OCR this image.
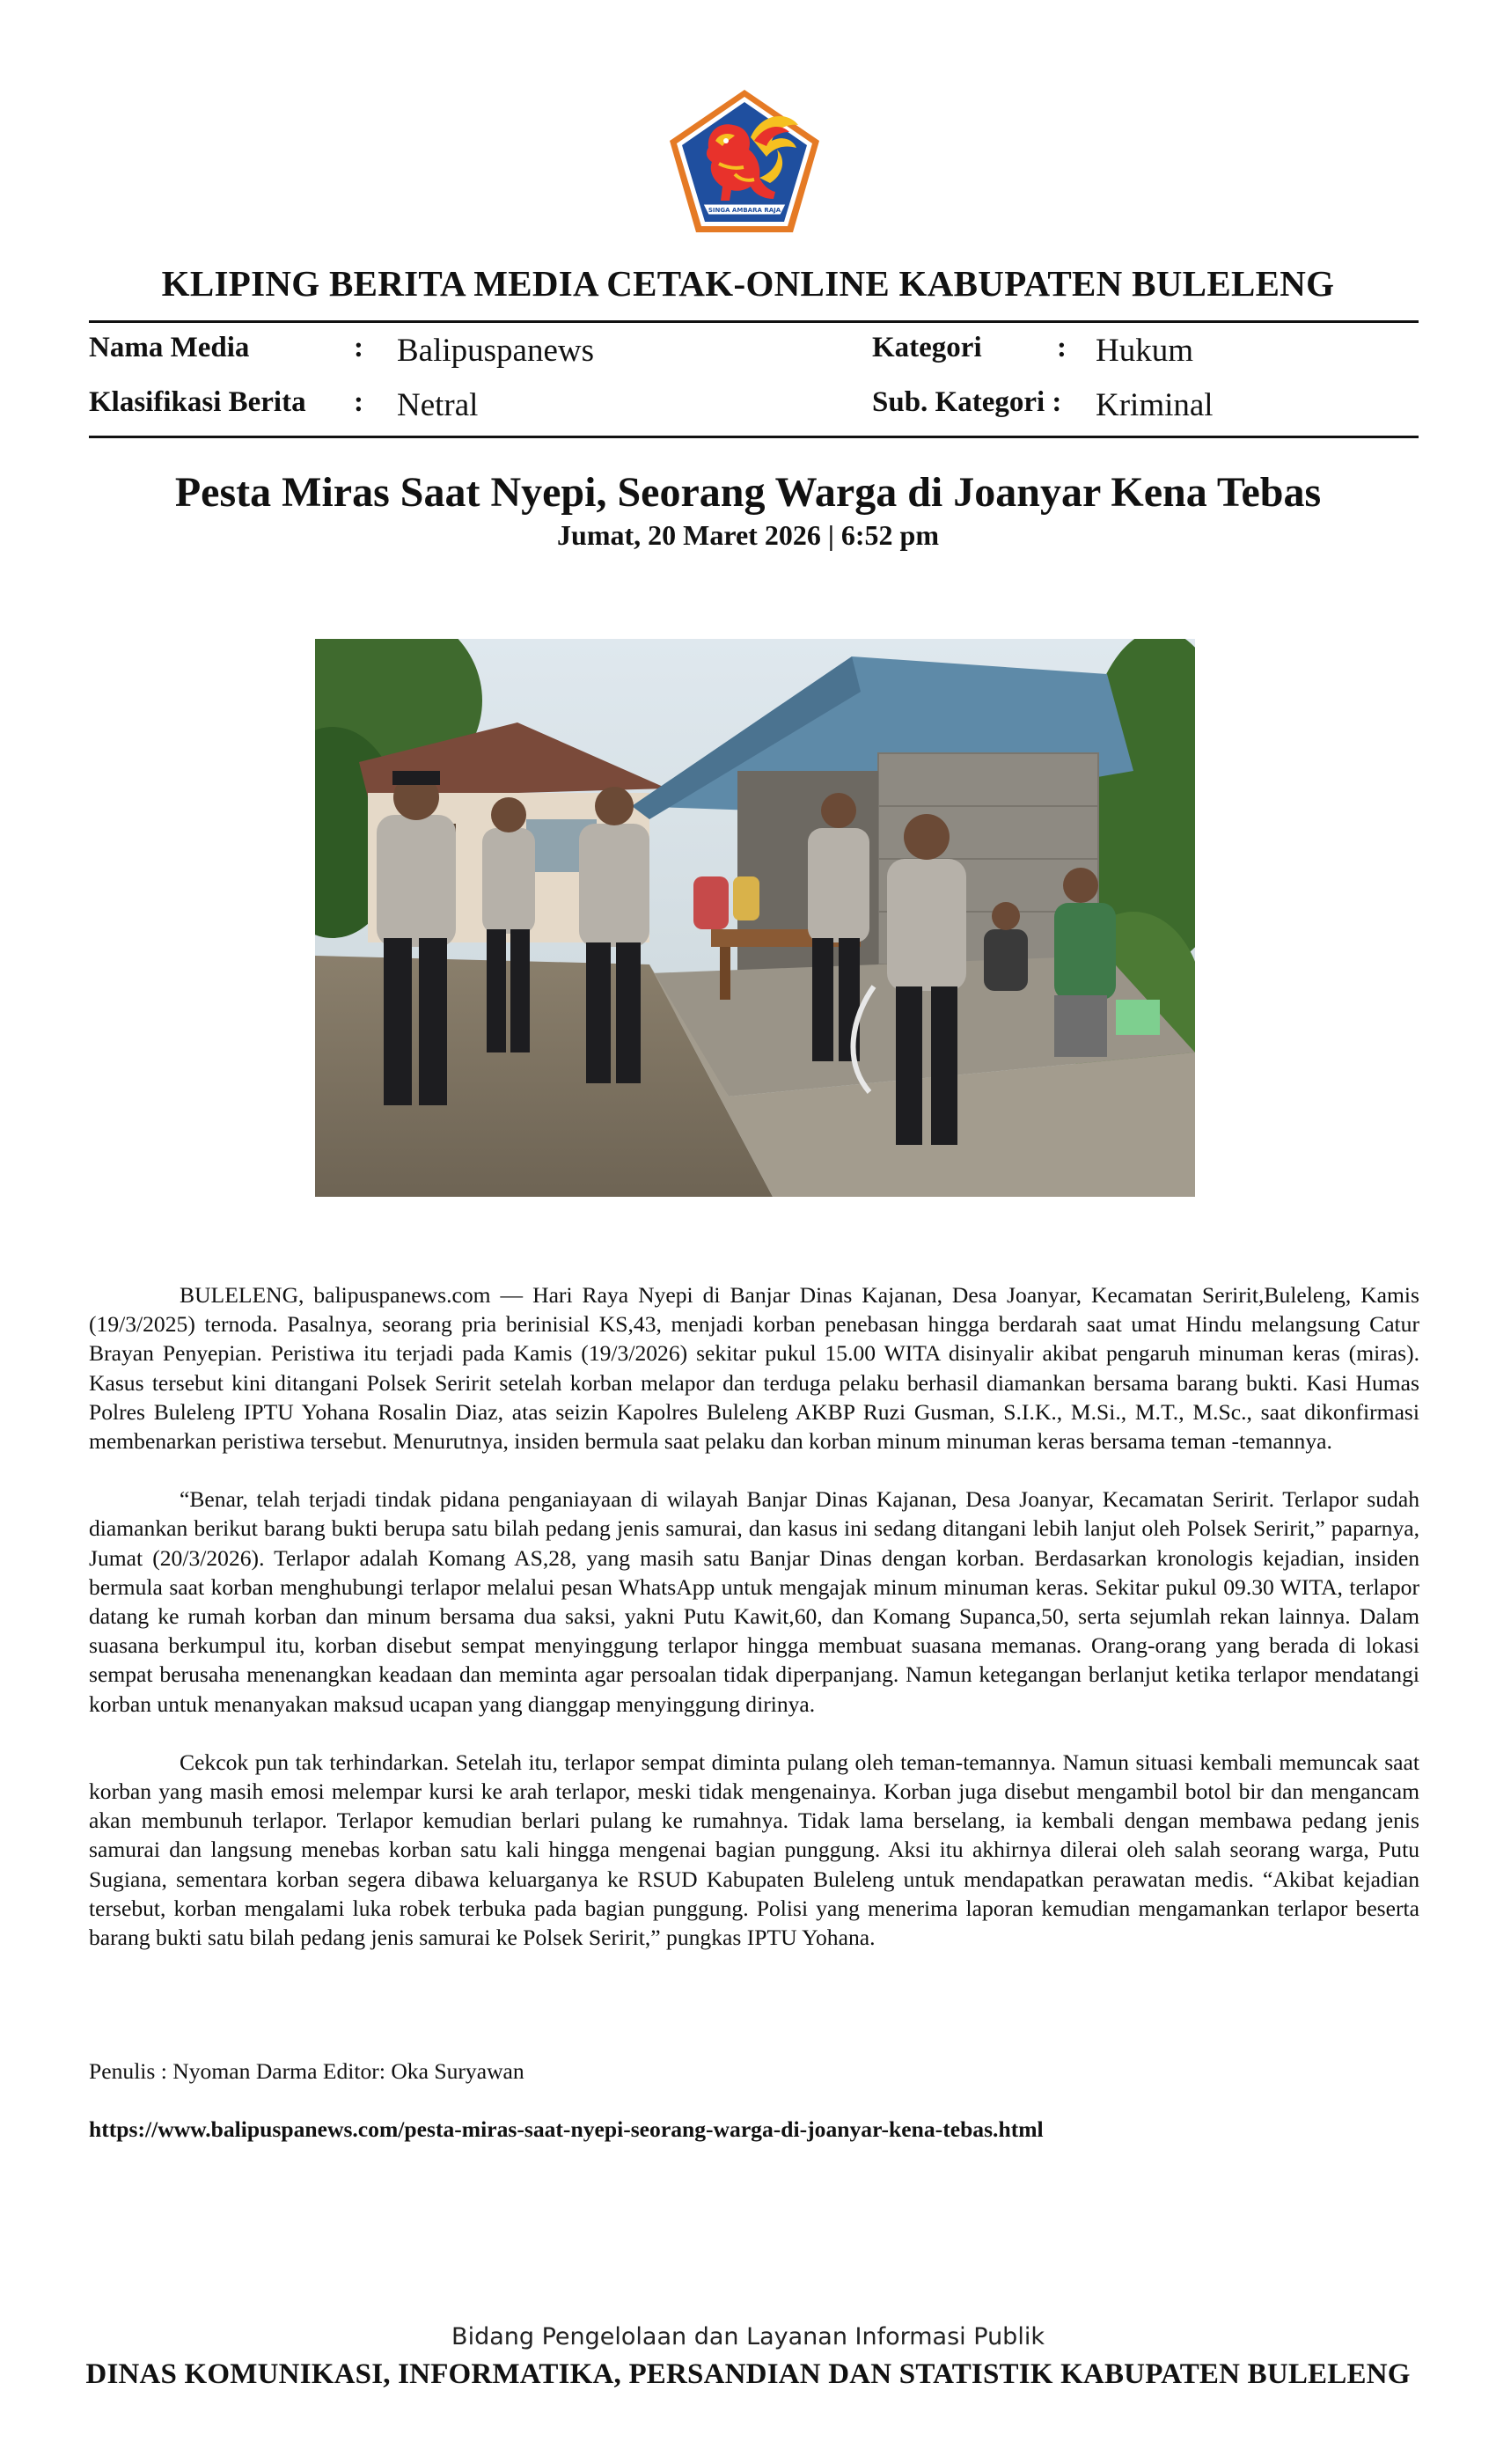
SINGA AMBARA RAJA
KLIPING BERITA MEDIA CETAK-ONLINE KABUPATEN BULELENG
Nama Media	: Balipuspanews	Kategori	: Hukum
Klasifikasi Berita : Netral	Sub. Kategori : Kriminal
Pesta Miras Saat Nyepi, Seorang Warga di Joanyar Kena Tebas
Jumat, 20 Maret 2026 | 6:52 pm

BULELENG, balipuspanews.com — Hari Raya Nyepi di Banjar Dinas Kajanan, Desa Joanyar, Kecamatan Seririt,Buleleng, Kamis (19/3/2025) ternoda. Pasalnya, seorang pria berinisial KS,43, menjadi korban penebasan hingga berdarah saat umat Hindu melangsung Catur Brayan Penyepian. Peristiwa itu terjadi pada Kamis (19/3/2026) sekitar pukul 15.00 WITA disinyalir akibat pengaruh minuman keras (miras). Kasus tersebut kini ditangani Polsek Seririt setelah korban melapor dan terduga pelaku berhasil diamankan bersama barang bukti. Kasi Humas Polres Buleleng IPTU Yohana Rosalin Diaz, atas seizin Kapolres Buleleng AKBP Ruzi Gusman, S.I.K., M.Si., M.T., M.Sc., saat dikonfirmasi membenarkan peristiwa tersebut. Menurutnya, insiden bermula saat pelaku dan korban minum minuman keras bersama teman -temannya.

“Benar, telah terjadi tindak pidana penganiayaan di wilayah Banjar Dinas Kajanan, Desa Joanyar, Kecamatan Seririt. Terlapor sudah diamankan berikut barang bukti berupa satu bilah pedang jenis samurai, dan kasus ini sedang ditangani lebih lanjut oleh Polsek Seririt,” paparnya, Jumat (20/3/2026). Terlapor adalah Komang AS,28, yang masih satu Banjar Dinas dengan korban. Berdasarkan kronologis kejadian, insiden bermula saat korban menghubungi terlapor melalui pesan WhatsApp untuk mengajak minum minuman keras. Sekitar pukul 09.30 WITA, terlapor datang ke rumah korban dan minum bersama dua saksi, yakni Putu Kawit,60, dan Komang Supanca,50, serta sejumlah rekan lainnya. Dalam suasana berkumpul itu, korban disebut sempat menyinggung terlapor hingga membuat suasana memanas. Orang-orang yang berada di lokasi sempat berusaha menenangkan keadaan dan meminta agar persoalan tidak diperpanjang. Namun ketegangan berlanjut ketika terlapor mendatangi korban untuk menanyakan maksud ucapan yang dianggap menyinggung dirinya.

Cekcok pun tak terhindarkan. Setelah itu, terlapor sempat diminta pulang oleh teman-temannya. Namun situasi kembali memuncak saat korban yang masih emosi melempar kursi ke arah terlapor, meski tidak mengenainya. Korban juga disebut mengambil botol bir dan mengancam akan membunuh terlapor. Terlapor kemudian berlari pulang ke rumahnya. Tidak lama berselang, ia kembali dengan membawa pedang jenis samurai dan langsung menebas korban satu kali hingga mengenai bagian punggung. Aksi itu akhirnya dilerai oleh salah seorang warga, Putu Sugiana, sementara korban segera dibawa keluarganya ke RSUD Kabupaten Buleleng untuk mendapatkan perawatan medis. “Akibat kejadian tersebut, korban mengalami luka robek terbuka pada bagian punggung. Polisi yang menerima laporan kemudian mengamankan terlapor beserta barang bukti satu bilah pedang jenis samurai ke Polsek Seririt,” pungkas IPTU Yohana.

Penulis : Nyoman Darma Editor: Oka Suryawan
https://www.balipuspanews.com/pesta-miras-saat-nyepi-seorang-warga-di-joanyar-kena-tebas.html
Bidang Pengelolaan dan Layanan Informasi Publik
DINAS KOMUNIKASI, INFORMATIKA, PERSANDIAN DAN STATISTIK KABUPATEN BULELENG
